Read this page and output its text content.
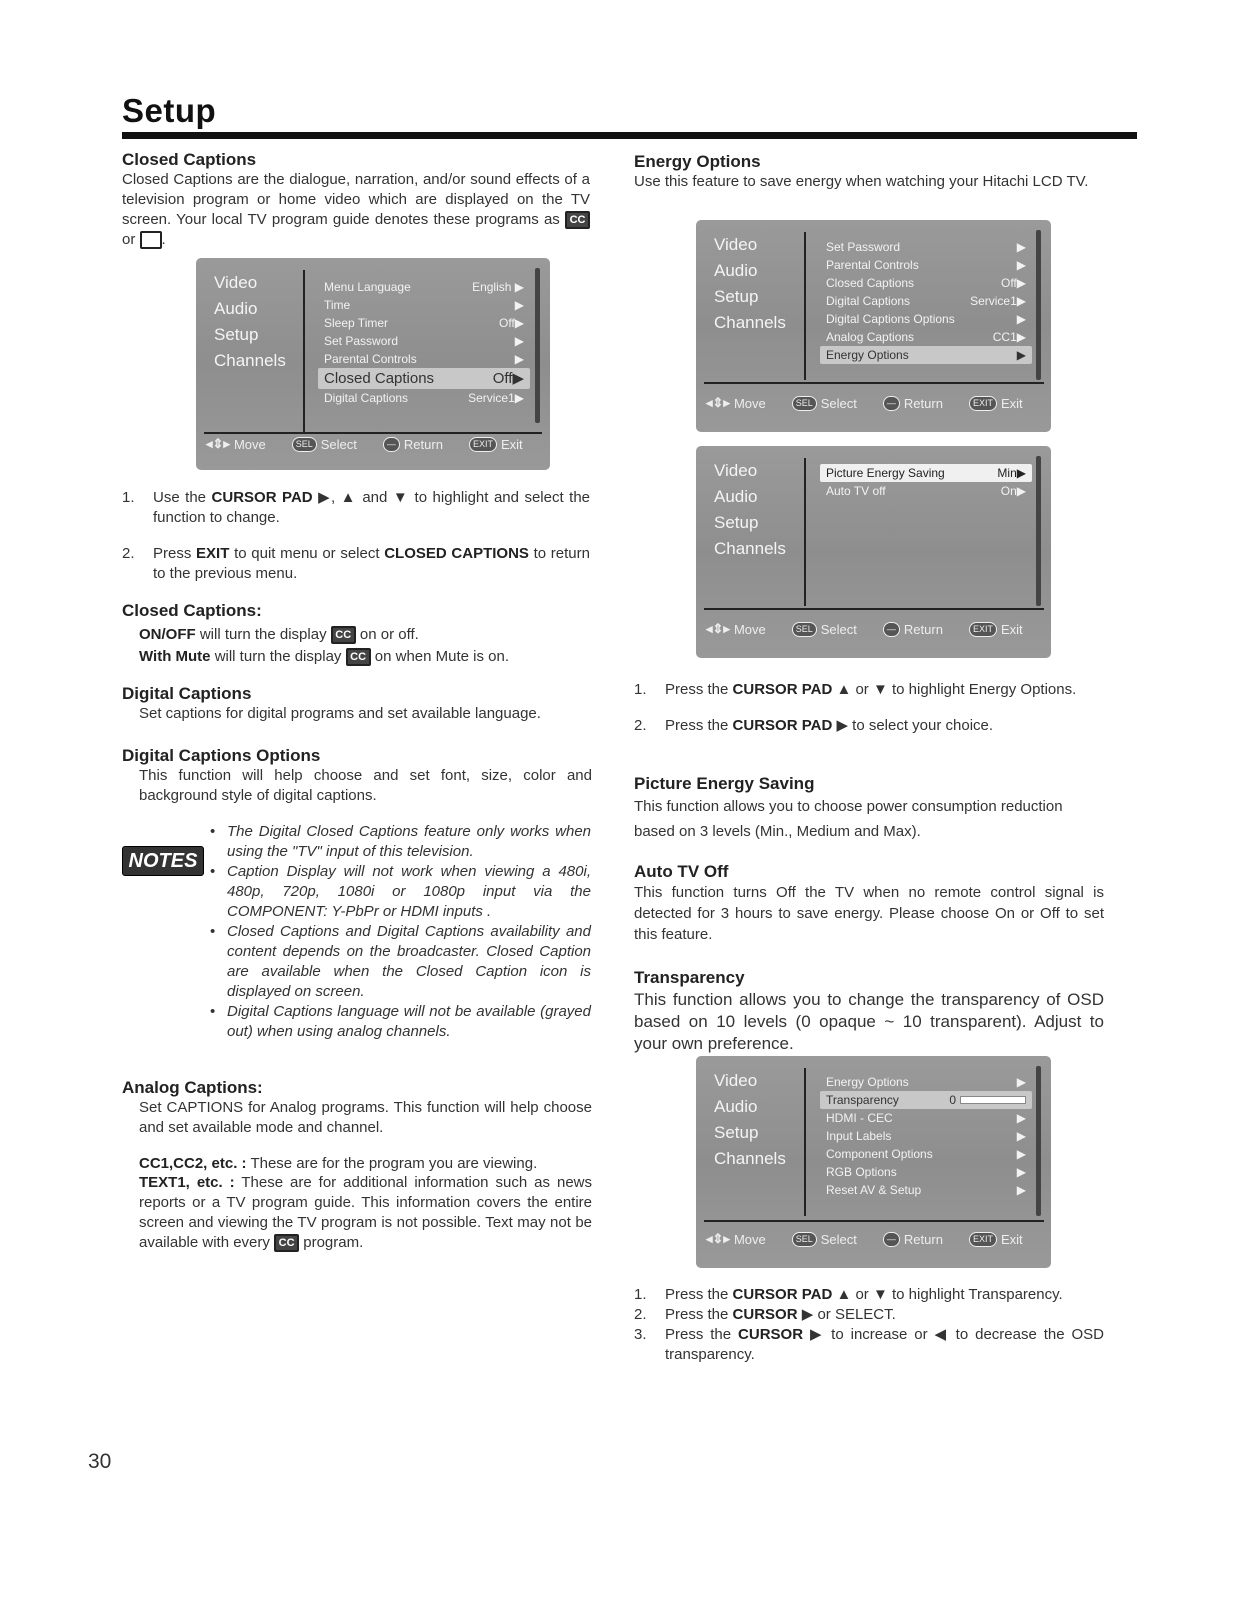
Setup
Closed Captions
Closed Captions are the dialogue, narration, and/or sound effects of a television program or home video which are displayed on the TV screen. Your local TV program guide denotes these programs as CC or .
Video
Audio
Setup
Channels
Menu Language	English ▶
Time	▶
Sleep Timer	Off▶
Set Password	▶
Parental Controls	▶
Closed Captions	Off▶
Digital Captions	Service1▶
◂⇕▸ Move	SEL Select	— Return	EXIT Exit
1. Use the CURSOR PAD ▶, ▲ and ▼ to highlight and select the function to change.
2. Press EXIT to quit menu or select CLOSED CAPTIONS to return to the previous menu.
Closed Captions:
ON/OFF will turn the display CC on or off.
With Mute will turn the display CC on when Mute is on.
Digital Captions
Set captions for digital programs and set available language.
Digital Captions Options
This function will help choose and set font, size, color and background style of digital captions.
NOTES
• The Digital Closed Captions feature only works when using the "TV" input of this television.
• Caption Display will not work when viewing a 480i, 480p, 720p, 1080i or 1080p input via the COMPONENT: Y-PbPr or HDMI inputs .
• Closed Captions and Digital Captions availability and content depends on the broadcaster. Closed Caption are available when the Closed Caption icon is displayed on screen.
• Digital Captions language will not be available (grayed out) when using analog channels.
Analog Captions:
Set CAPTIONS for Analog programs. This function will help choose and set available mode and channel.
CC1,CC2, etc. : These are for the program you are viewing.
TEXT1, etc. : These are for additional information such as news reports or a TV program guide. This information covers the entire screen and viewing the TV program is not possible. Text may not be available with every CC program.
Energy Options
Use this feature to save energy when watching your Hitachi LCD TV.
Video
Audio
Setup
Channels
Set Password	▶
Parental Controls	▶
Closed Captions	Off▶
Digital Captions	Service1▶
Digital Captions Options	▶
Analog Captions	CC1▶
Energy Options	▶
◂⇕▸ Move	SEL Select	— Return	EXIT Exit
Video
Audio
Setup
Channels
Picture Energy Saving	Min▶
Auto TV off	On▶
◂⇕▸ Move	SEL Select	— Return	EXIT Exit
1. Press the CURSOR PAD ▲ or ▼ to highlight Energy Options.
2. Press the CURSOR PAD ▶ to select your choice.
Picture Energy Saving
This function allows you to choose power consumption reduction based on 3 levels (Min., Medium and Max).
Auto TV Off
This function turns Off the TV when no remote control signal is detected for 3 hours to save energy. Please choose On or Off to set this feature.
Transparency
This function allows you to change the transparency of OSD based on 10 levels (0 opaque ~ 10 transparent). Adjust to your own preference.
Video
Audio
Setup
Channels
Energy Options	▶
Transparency	0
HDMI - CEC	▶
Input Labels	▶
Component Options	▶
RGB Options	▶
Reset AV & Setup	▶
◂⇕▸ Move	SEL Select	— Return	EXIT Exit
1. Press the CURSOR PAD ▲ or ▼ to highlight Transparency.
2. Press the CURSOR ▶ or SELECT.
3. Press the CURSOR ▶ to increase or ◀ to decrease the OSD transparency.
30
